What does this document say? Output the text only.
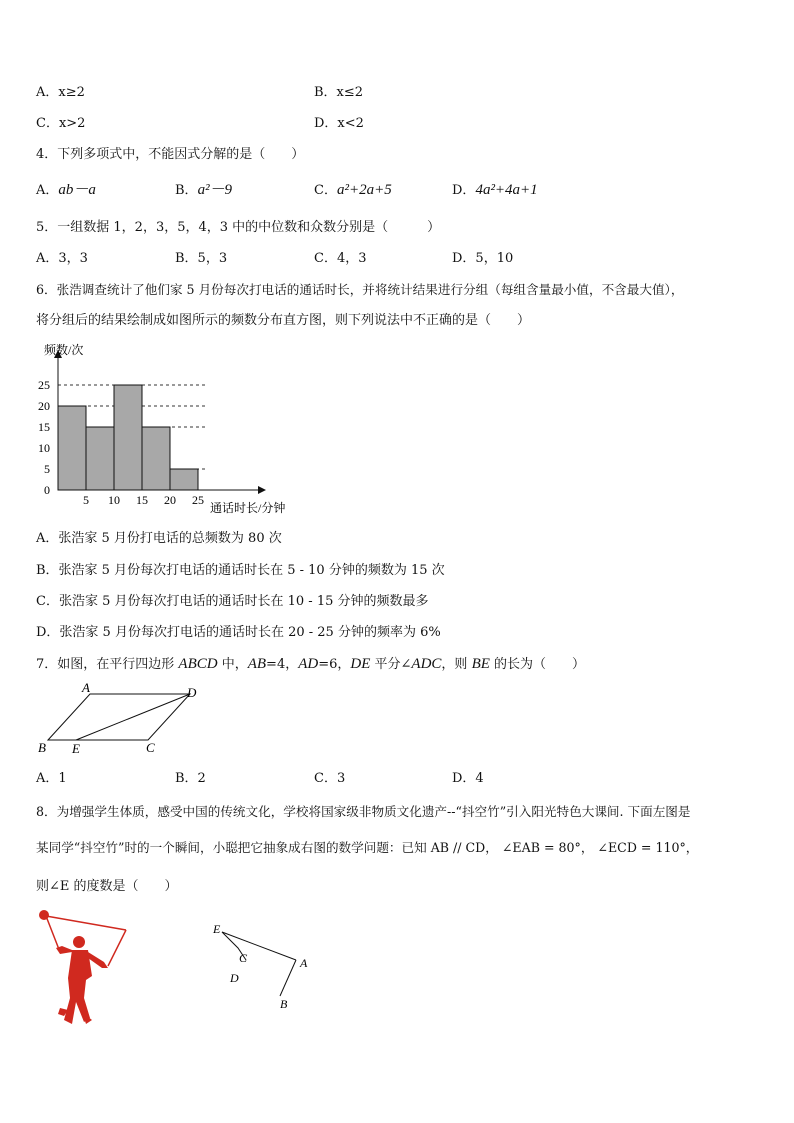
A．x≥2	B．x≤2
C．x>2	D．x<2
4．下列多项式中，不能因式分解的是（　　）
A．ab－a	B．a²－9	C．a²+2a+5	D．4a²+4a+1
5．一组数据 1，2，3，5，4，3 中的中位数和众数分别是（　　　）
A．3，3	B．5，3	C．4，3	D．5，10
6．张浩调查统计了他们家 5 月份每次打电话的通话时长，并将统计结果进行分组（每组含量最小值，不含最大值），
将分组后的结果绘制成如图所示的频数分布直方图，则下列说法中不正确的是（　　）
0
5
10
15
20
25
5 10 15 20 25
频数/次
通话时长/分钟
A．张浩家 5 月份打电话的总频数为 80 次
B．张浩家 5 月份每次打电话的通话时长在 5 - 10 分钟的频数为 15 次
C．张浩家 5 月份每次打电话的通话时长在 10 - 15 分钟的频数最多
D．张浩家 5 月份每次打电话的通话时长在 20 - 25 分钟的频率为 6%
7．如图，在平行四边形 ABCD 中，AB=4，AD=6，DE 平分∠ADC，则 BE 的长为（　　）
A	D
B E	C
A．1	B．2	C．3	D．4
8．为增强学生体质，感受中国的传统文化，学校将国家级非物质文化遗产--“抖空竹”引入阳光特色大课间. 下面左图是
某同学“抖空竹”时的一个瞬间，小聪把它抽象成右图的数学问题：已知 AB // CD， ∠EAB = 80°， ∠ECD = 110°，
则∠E 的度数是（　　）
E
C
D
A
B
